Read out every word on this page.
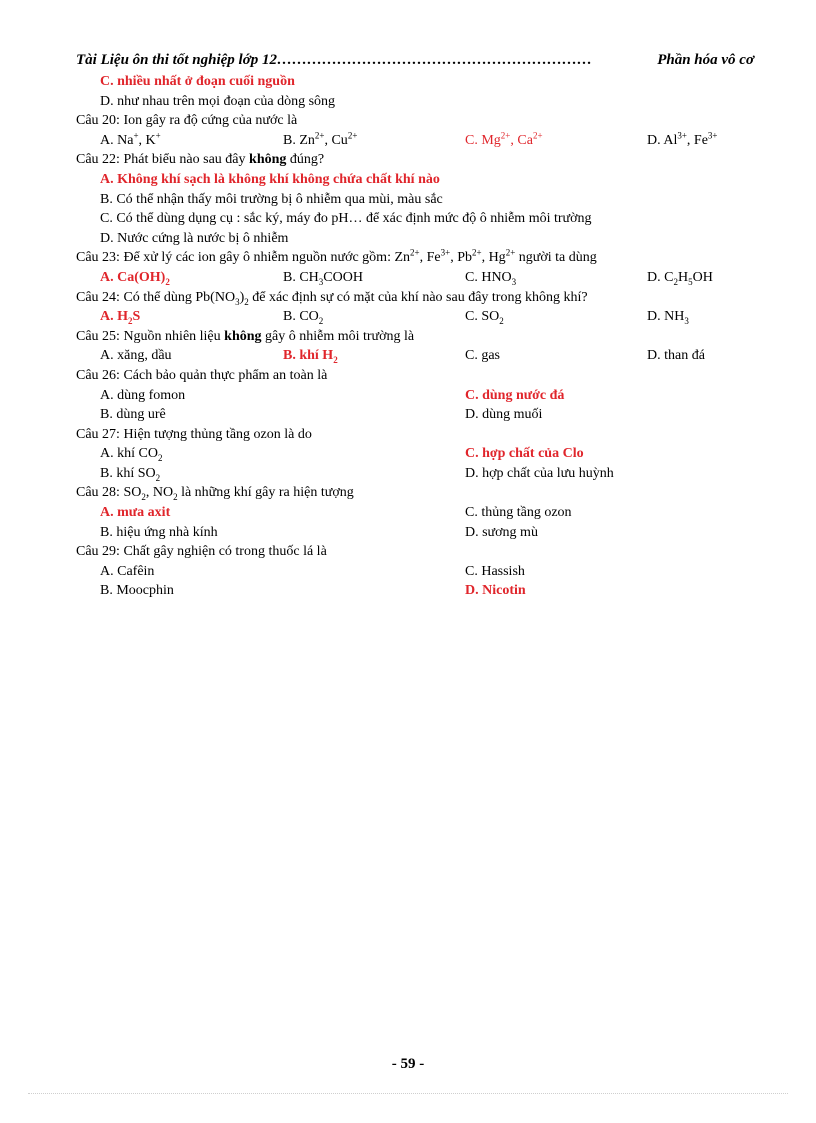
Tài Liệu ôn thi tốt nghiệp lớp 12………………………………………………………	Phần hóa vô cơ
C. nhiều nhất ở đoạn cuối nguồn
D. như nhau trên mọi đoạn của dòng sông
Câu 20: Ion gây ra độ cứng của nước là
A. Na+, K+	B. $Zn^{2+}$, $Cu^{2+}$	C. $Mg^{2+}$, $Ca^{2+}$	D. $Al^{3+}$, $Fe^{3+}$
Câu 22: Phát biểu nào sau đây không đúng?
A. Không khí sạch là không khí không chứa chất khí nào
B. Có thể nhận thấy môi trường bị ô nhiễm qua mùi, màu sắc
C. Có thể dùng dụng cụ : sắc ký, máy đo pH… để xác định mức độ ô nhiễm môi trường
D. Nước cứng là nước bị ô nhiễm
Câu 23: Để xử lý các ion gây ô nhiễm nguồn nước gồm: $Zn^{2+}$, $Fe^{3+}$, $Pb^{2+}$, $Hg^{2+}$ người ta dùng
A. $Ca(OH)_2$	B. $CH_3COOH$	C. $HNO_3$	D. $C_2H_5OH$
Câu 24: Có thể dùng $Pb(NO_3)_2$ để xác định sự có mặt của khí nào sau đây trong không khí?
A. $H_2S$	B. $CO_2$	C. $SO_2$	D. $NH_3$
Câu 25: Nguồn nhiên liệu không gây ô nhiễm môi trường là
A. xăng, dầu	B. khí $H_2$	C. gas	D. than đá
Câu 26: Cách bảo quản thực phẩm an toàn là
A. dùng fomon	C. dùng nước đá
B. dùng urê	D. dùng muối
Câu 27: Hiện tượng thủng tầng ozon là do
A. khí $CO_2$	C. hợp chất của Clo
B. khí $SO_2$	D. hợp chất của lưu huỳnh
Câu 28: $SO_2$, $NO_2$ là những khí gây ra hiện tượng
A. mưa axit	C. thủng tầng ozon
B. hiệu ứng nhà kính	D. sương mù
Câu 29: Chất gây nghiện có trong thuốc lá là
A. Cafêin	C. Hassish
B. Moocphin	D. Nicotin
- 59 -
